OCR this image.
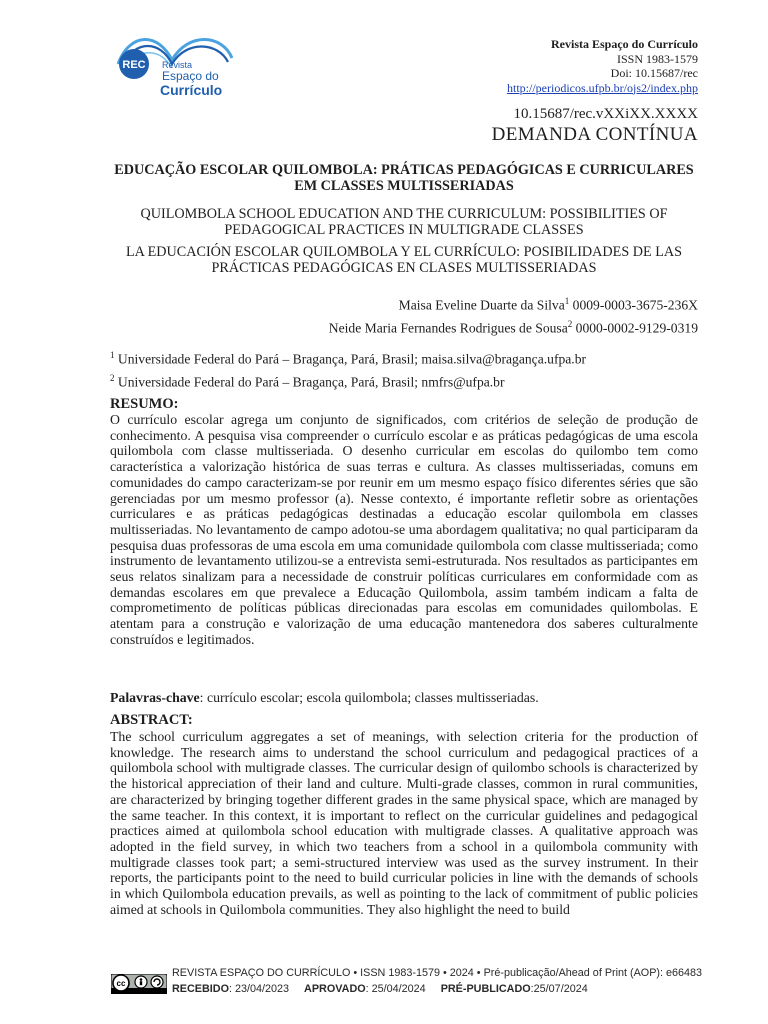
REC Revista
Espaço do
Currículo
Revista Espaço do Currículo
ISSN 1983-1579
Doi: 10.15687/rec
http://periodicos.ufpb.br/ojs2/index.php
10.15687/rec.vXXiXX.XXXX
DEMANDA CONTÍNUA
EDUCAÇÃO ESCOLAR QUILOMBOLA: PRÁTICAS PEDAGÓGICAS E CURRICULARES EM CLASSES MULTISSERIADAS
QUILOMBOLA SCHOOL EDUCATION AND THE CURRICULUM: POSSIBILITIES OF PEDAGOGICAL PRACTICES IN MULTIGRADE CLASSES
LA EDUCACIÓN ESCOLAR QUILOMBOLA Y EL CURRÍCULO: POSIBILIDADES DE LAS PRÁCTICAS PEDAGÓGICAS EN CLASES MULTISSERIADAS
Maisa Eveline Duarte da Silva$^1$ 0009-0003-3675-236X
Neide Maria Fernandes Rodrigues de Sousa$^2$ 0000-0002-9129-0319
$^1$ Universidade Federal do Pará – Bragança, Pará, Brasil; maisa.silva@bragança.ufpa.br
$^2$ Universidade Federal do Pará – Bragança, Pará, Brasil; nmfrs@ufpa.br
RESUMO:
O currículo escolar agrega um conjunto de significados, com critérios de seleção de produção de conhecimento. A pesquisa visa compreender o currículo escolar e as práticas pedagógicas de uma escola quilombola com classe multisseriada. O desenho curricular em escolas do quilombo tem como característica a valorização histórica de suas terras e cultura. As classes multisseriadas, comuns em comunidades do campo caracterizam-se por reunir em um mesmo espaço físico diferentes séries que são gerenciadas por um mesmo professor (a). Nesse contexto, é importante refletir sobre as orientações curriculares e as práticas pedagógicas destinadas a educação escolar quilombola em classes multisseriadas. No levantamento de campo adotou-se uma abordagem qualitativa; no qual participaram da pesquisa duas professoras de uma escola em uma comunidade quilombola com classe multisseriada; como instrumento de levantamento utilizou-se a entrevista semi-estruturada. Nos resultados as participantes em seus relatos sinalizam para a necessidade de construir políticas curriculares em conformidade com as demandas escolares em que prevalece a Educação Quilombola, assim também indicam a falta de comprometimento de políticas públicas direcionadas para escolas em comunidades quilombolas. E atentam para a construção e valorização de uma educação mantenedora dos saberes culturalmente construídos e legitimados.
Palavras-chave: currículo escolar; escola quilombola; classes multisseriadas.
ABSTRACT:
The school curriculum aggregates a set of meanings, with selection criteria for the production of knowledge. The research aims to understand the school curriculum and pedagogical practices of a quilombola school with multigrade classes. The curricular design of quilombo schools is characterized by the historical appreciation of their land and culture. Multi-grade classes, common in rural communities, are characterized by bringing together different grades in the same physical space, which are managed by the same teacher. In this context, it is important to reflect on the curricular guidelines and pedagogical practices aimed at quilombola school education with multigrade classes. A qualitative approach was adopted in the field survey, in which two teachers from a school in a quilombola community with multigrade classes took part; a semi-structured interview was used as the survey instrument. In their reports, the participants point to the need to build curricular policies in line with the demands of schools in which Quilombola education prevails, as well as pointing to the lack of commitment of public policies aimed at schools in Quilombola communities. They also highlight the need to build
cc
REVISTA ESPAÇO DO CURRÍCULO • ISSN 1983-1579 • 2024 • Pré-publicação/Ahead of Print (AOP): e66483
RECEBIDO: 23/04/2023 APROVADO: 25/04/2024 PRÉ-PUBLICADO:25/07/2024
